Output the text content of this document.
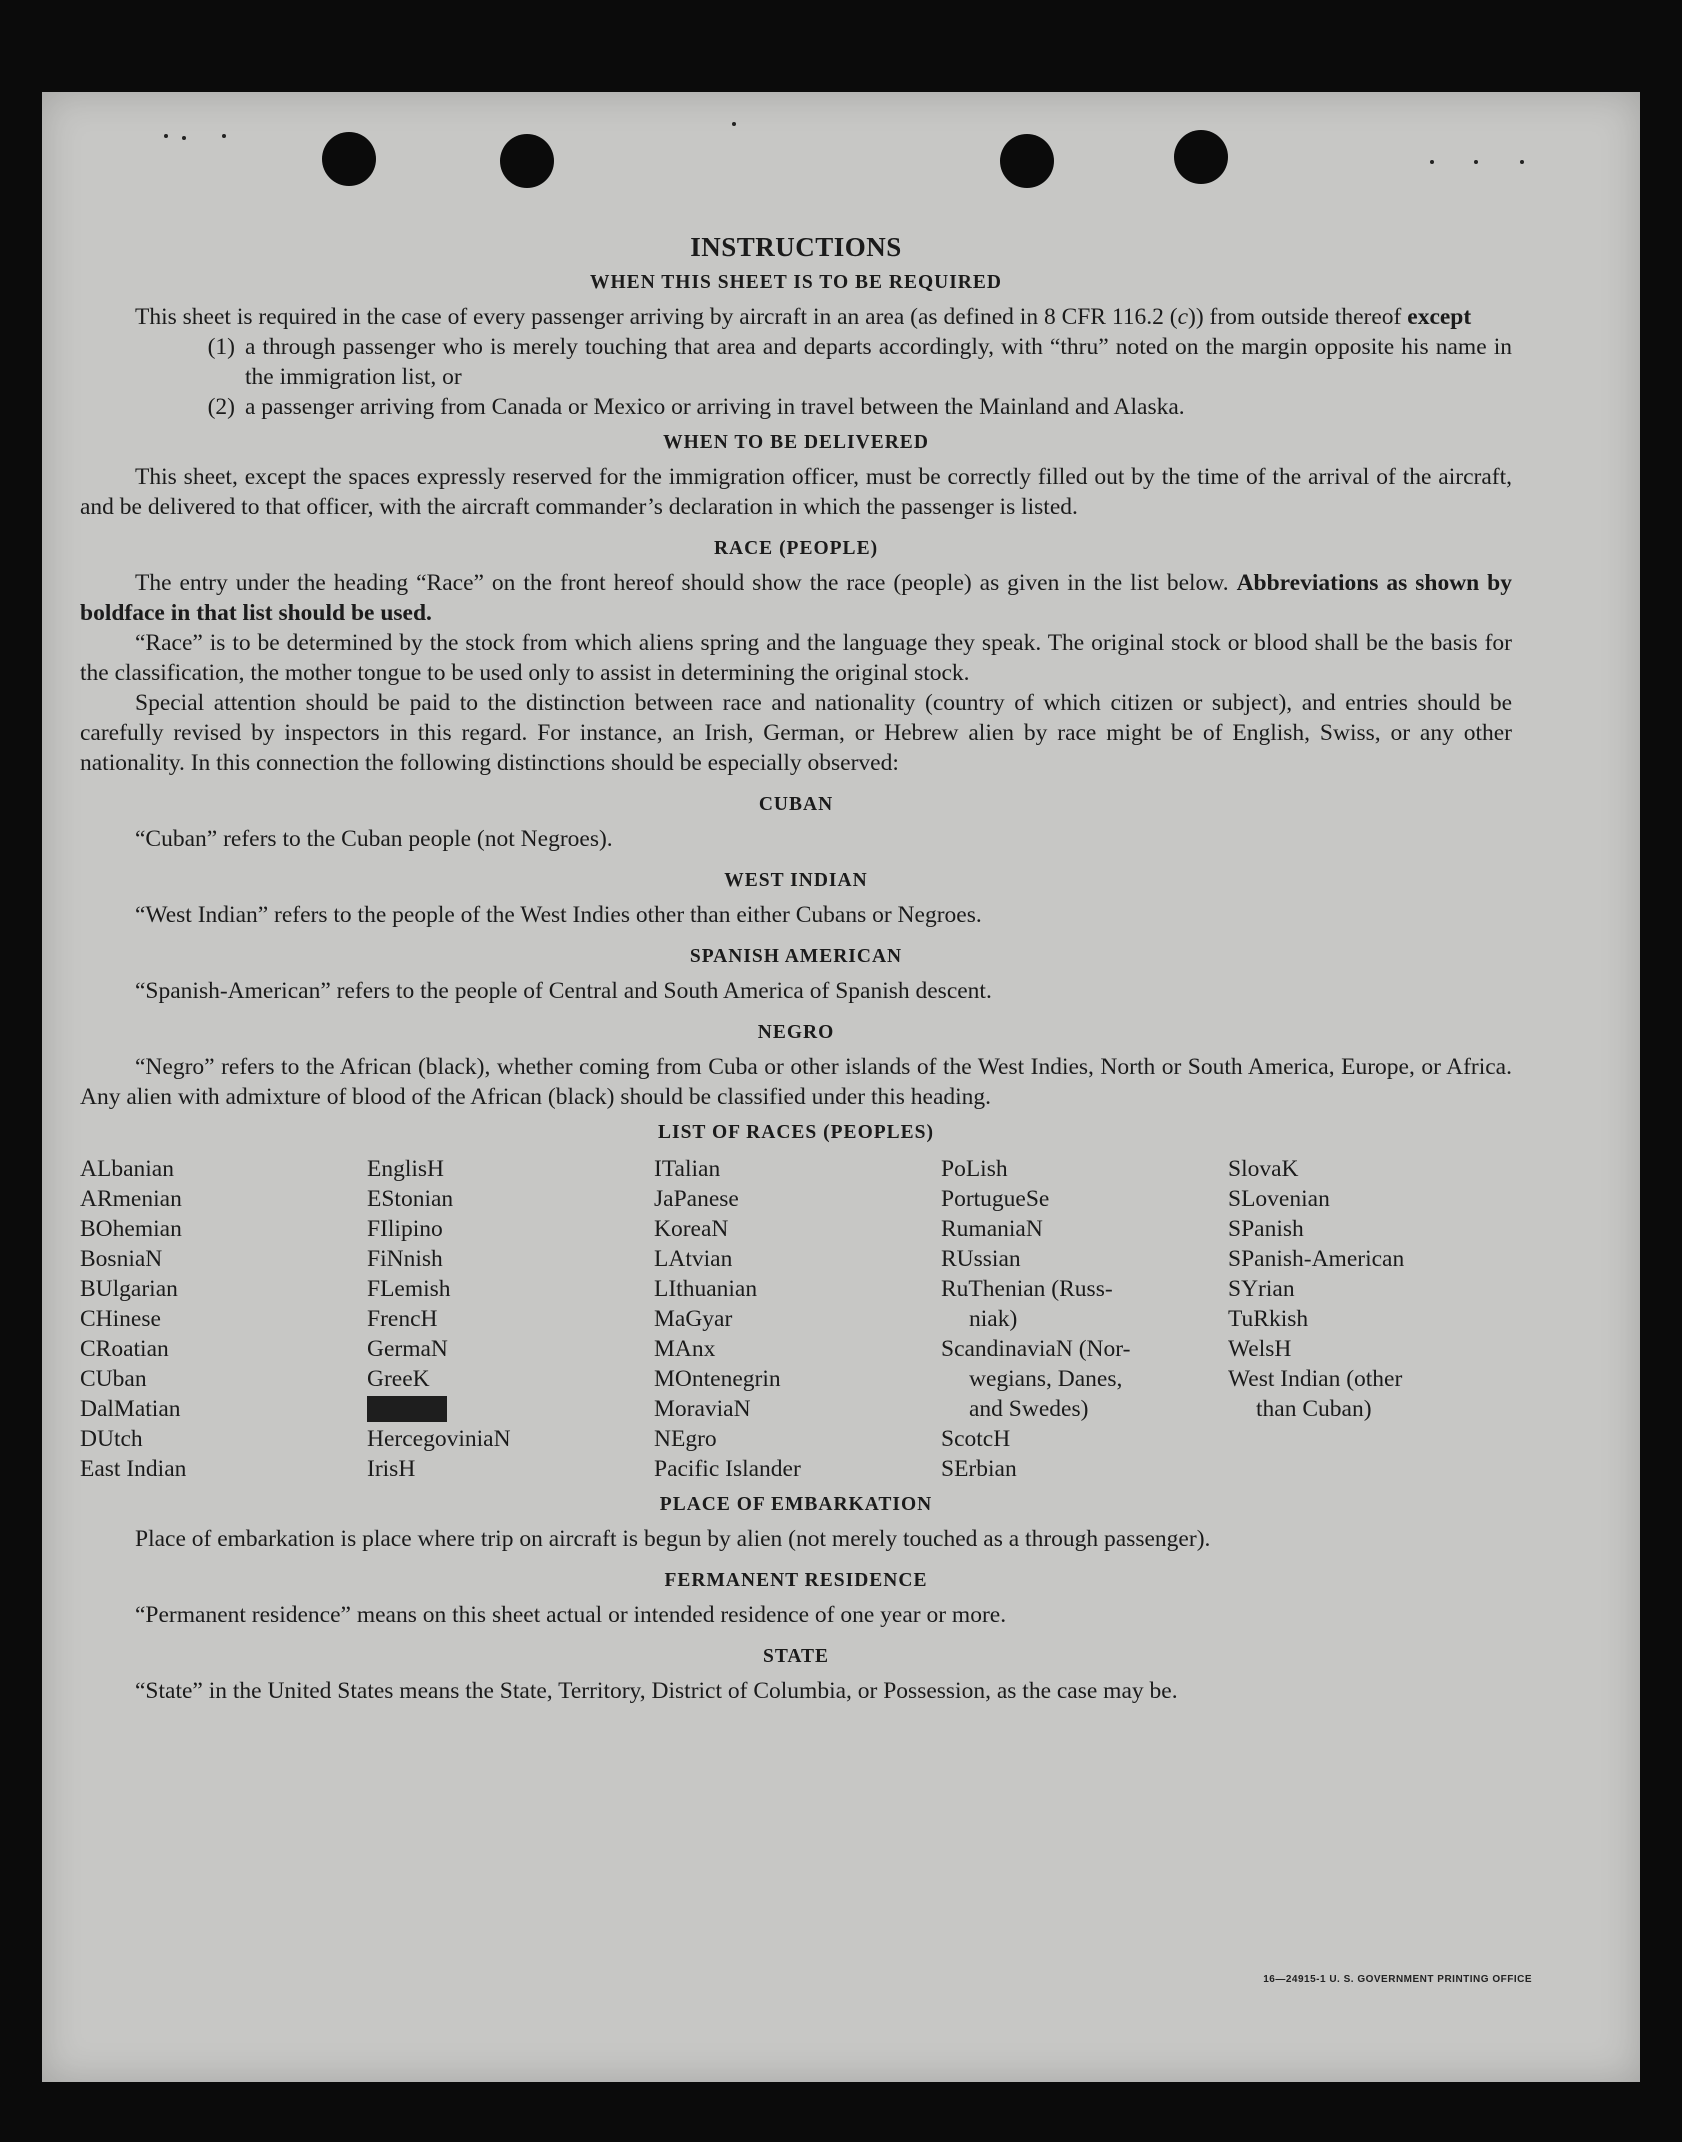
INSTRUCTIONS
WHEN THIS SHEET IS TO BE REQUIRED

This sheet is required in the case of every passenger arriving by aircraft in an area (as defined in 8 CFR 116.2 (c)) from outside thereof except

(1) a through passenger who is merely touching that area and departs accordingly, with “thru” noted on the margin opposite his name in the immigration list, or
(2) a passenger arriving from Canada or Mexico or arriving in travel between the Mainland and Alaska.
WHEN TO BE DELIVERED

This sheet, except the spaces expressly reserved for the immigration officer, must be correctly filled out by the time of the arrival of the aircraft, and be delivered to that officer, with the aircraft commander’s declaration in which the passenger is listed.

RACE (PEOPLE)

The entry under the heading “Race” on the front hereof should show the race (people) as given in the list below. Abbreviations as shown by boldface in that list should be used.

“Race” is to be determined by the stock from which aliens spring and the language they speak. The original stock or blood shall be the basis for the classification, the mother tongue to be used only to assist in determining the original stock.

Special attention should be paid to the distinction between race and nationality (country of which citizen or subject), and entries should be carefully revised by inspectors in this regard. For instance, an Irish, German, or Hebrew alien by race might be of English, Swiss, or any other nationality. In this connection the following distinctions should be especially observed:

CUBAN

“Cuban” refers to the Cuban people (not Negroes).

WEST INDIAN

“West Indian” refers to the people of the West Indies other than either Cubans or Negroes.

SPANISH AMERICAN

“Spanish-American” refers to the people of Central and South America of Spanish descent.

NEGRO

“Negro” refers to the African (black), whether coming from Cuba or other islands of the West Indies, North or South America, Europe, or Africa. Any alien with admixture of blood of the African (black) should be classified under this heading.

LIST OF RACES (PEOPLES)
ALbanian
ARmenian
BOhemian
BosniaN
BUlgarian
CHinese
CRoatian
CUban
DalMatian
DUtch
East Indian
EnglisH
EStonian
FIlipino
FiNnish
FLemish
FrencH
GermaN
GreeK
HercegoviniaN
IrisH
ITalian
JaPanese
KoreaN
LAtvian
LIthuanian
MaGyar
MAnx
MOntenegrin
MoraviaN
NEgro
Pacific Islander
PoLish
PortugueSe
RumaniaN
RUssian
RuThenian (Russ-
niak)
ScandinaviaN (Nor-
wegians, Danes,
and Swedes)
ScotcH
SErbian
SlovaK
SLovenian
SPanish
SPanish-American
SYrian
TuRkish
WelsH
West Indian (other
than Cuban)
PLACE OF EMBARKATION

Place of embarkation is place where trip on aircraft is begun by alien (not merely touched as a through passenger).

FERMANENT RESIDENCE

“Permanent residence” means on this sheet actual or intended residence of one year or more.

STATE

“State” in the United States means the State, Territory, District of Columbia, or Possession, as the case may be.

16—24915-1 U. S. GOVERNMENT PRINTING OFFICE
